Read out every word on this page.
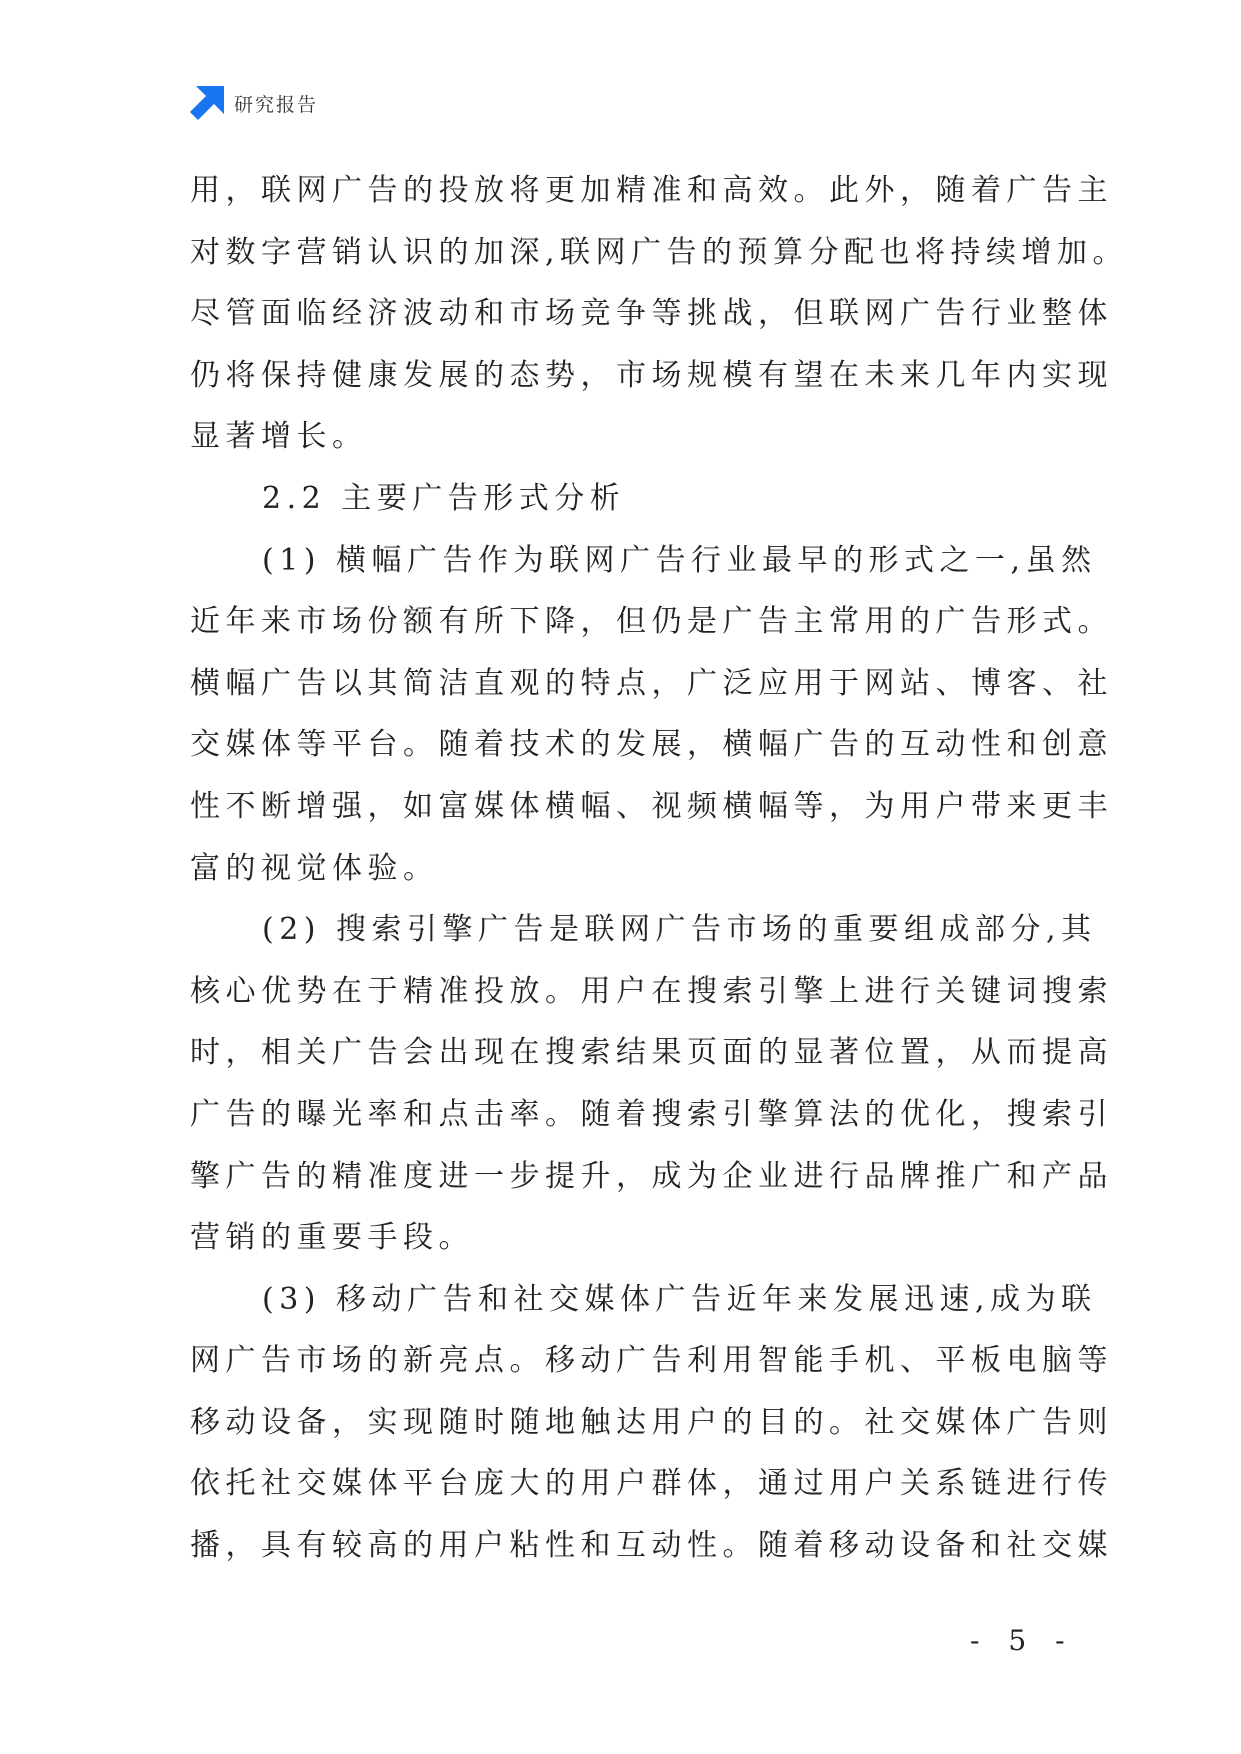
研究报告
用，联网广告的投放将更加精准和高效。此外，随着广告主
对数字营销认识的加深,联网广告的预算分配也将持续增加。
尽管面临经济波动和市场竞争等挑战，但联网广告行业整体
仍将保持健康发展的态势，市场规模有望在未来几年内实现
显著增长。
2.2 主要广告形式分析
(1) 横幅广告作为联网广告行业最早的形式之一,虽然
近年来市场份额有所下降，但仍是广告主常用的广告形式。
横幅广告以其简洁直观的特点，广泛应用于网站、博客、社
交媒体等平台。随着技术的发展，横幅广告的互动性和创意
性不断增强，如富媒体横幅、视频横幅等，为用户带来更丰
富的视觉体验。
(2) 搜索引擎广告是联网广告市场的重要组成部分,其
核心优势在于精准投放。用户在搜索引擎上进行关键词搜索
时，相关广告会出现在搜索结果页面的显著位置，从而提高
广告的曝光率和点击率。随着搜索引擎算法的优化，搜索引
擎广告的精准度进一步提升，成为企业进行品牌推广和产品
营销的重要手段。
(3) 移动广告和社交媒体广告近年来发展迅速,成为联
网广告市场的新亮点。移动广告利用智能手机、平板电脑等
移动设备，实现随时随地触达用户的目的。社交媒体广告则
依托社交媒体平台庞大的用户群体，通过用户关系链进行传
播，具有较高的用户粘性和互动性。随着移动设备和社交媒
- 5 -
